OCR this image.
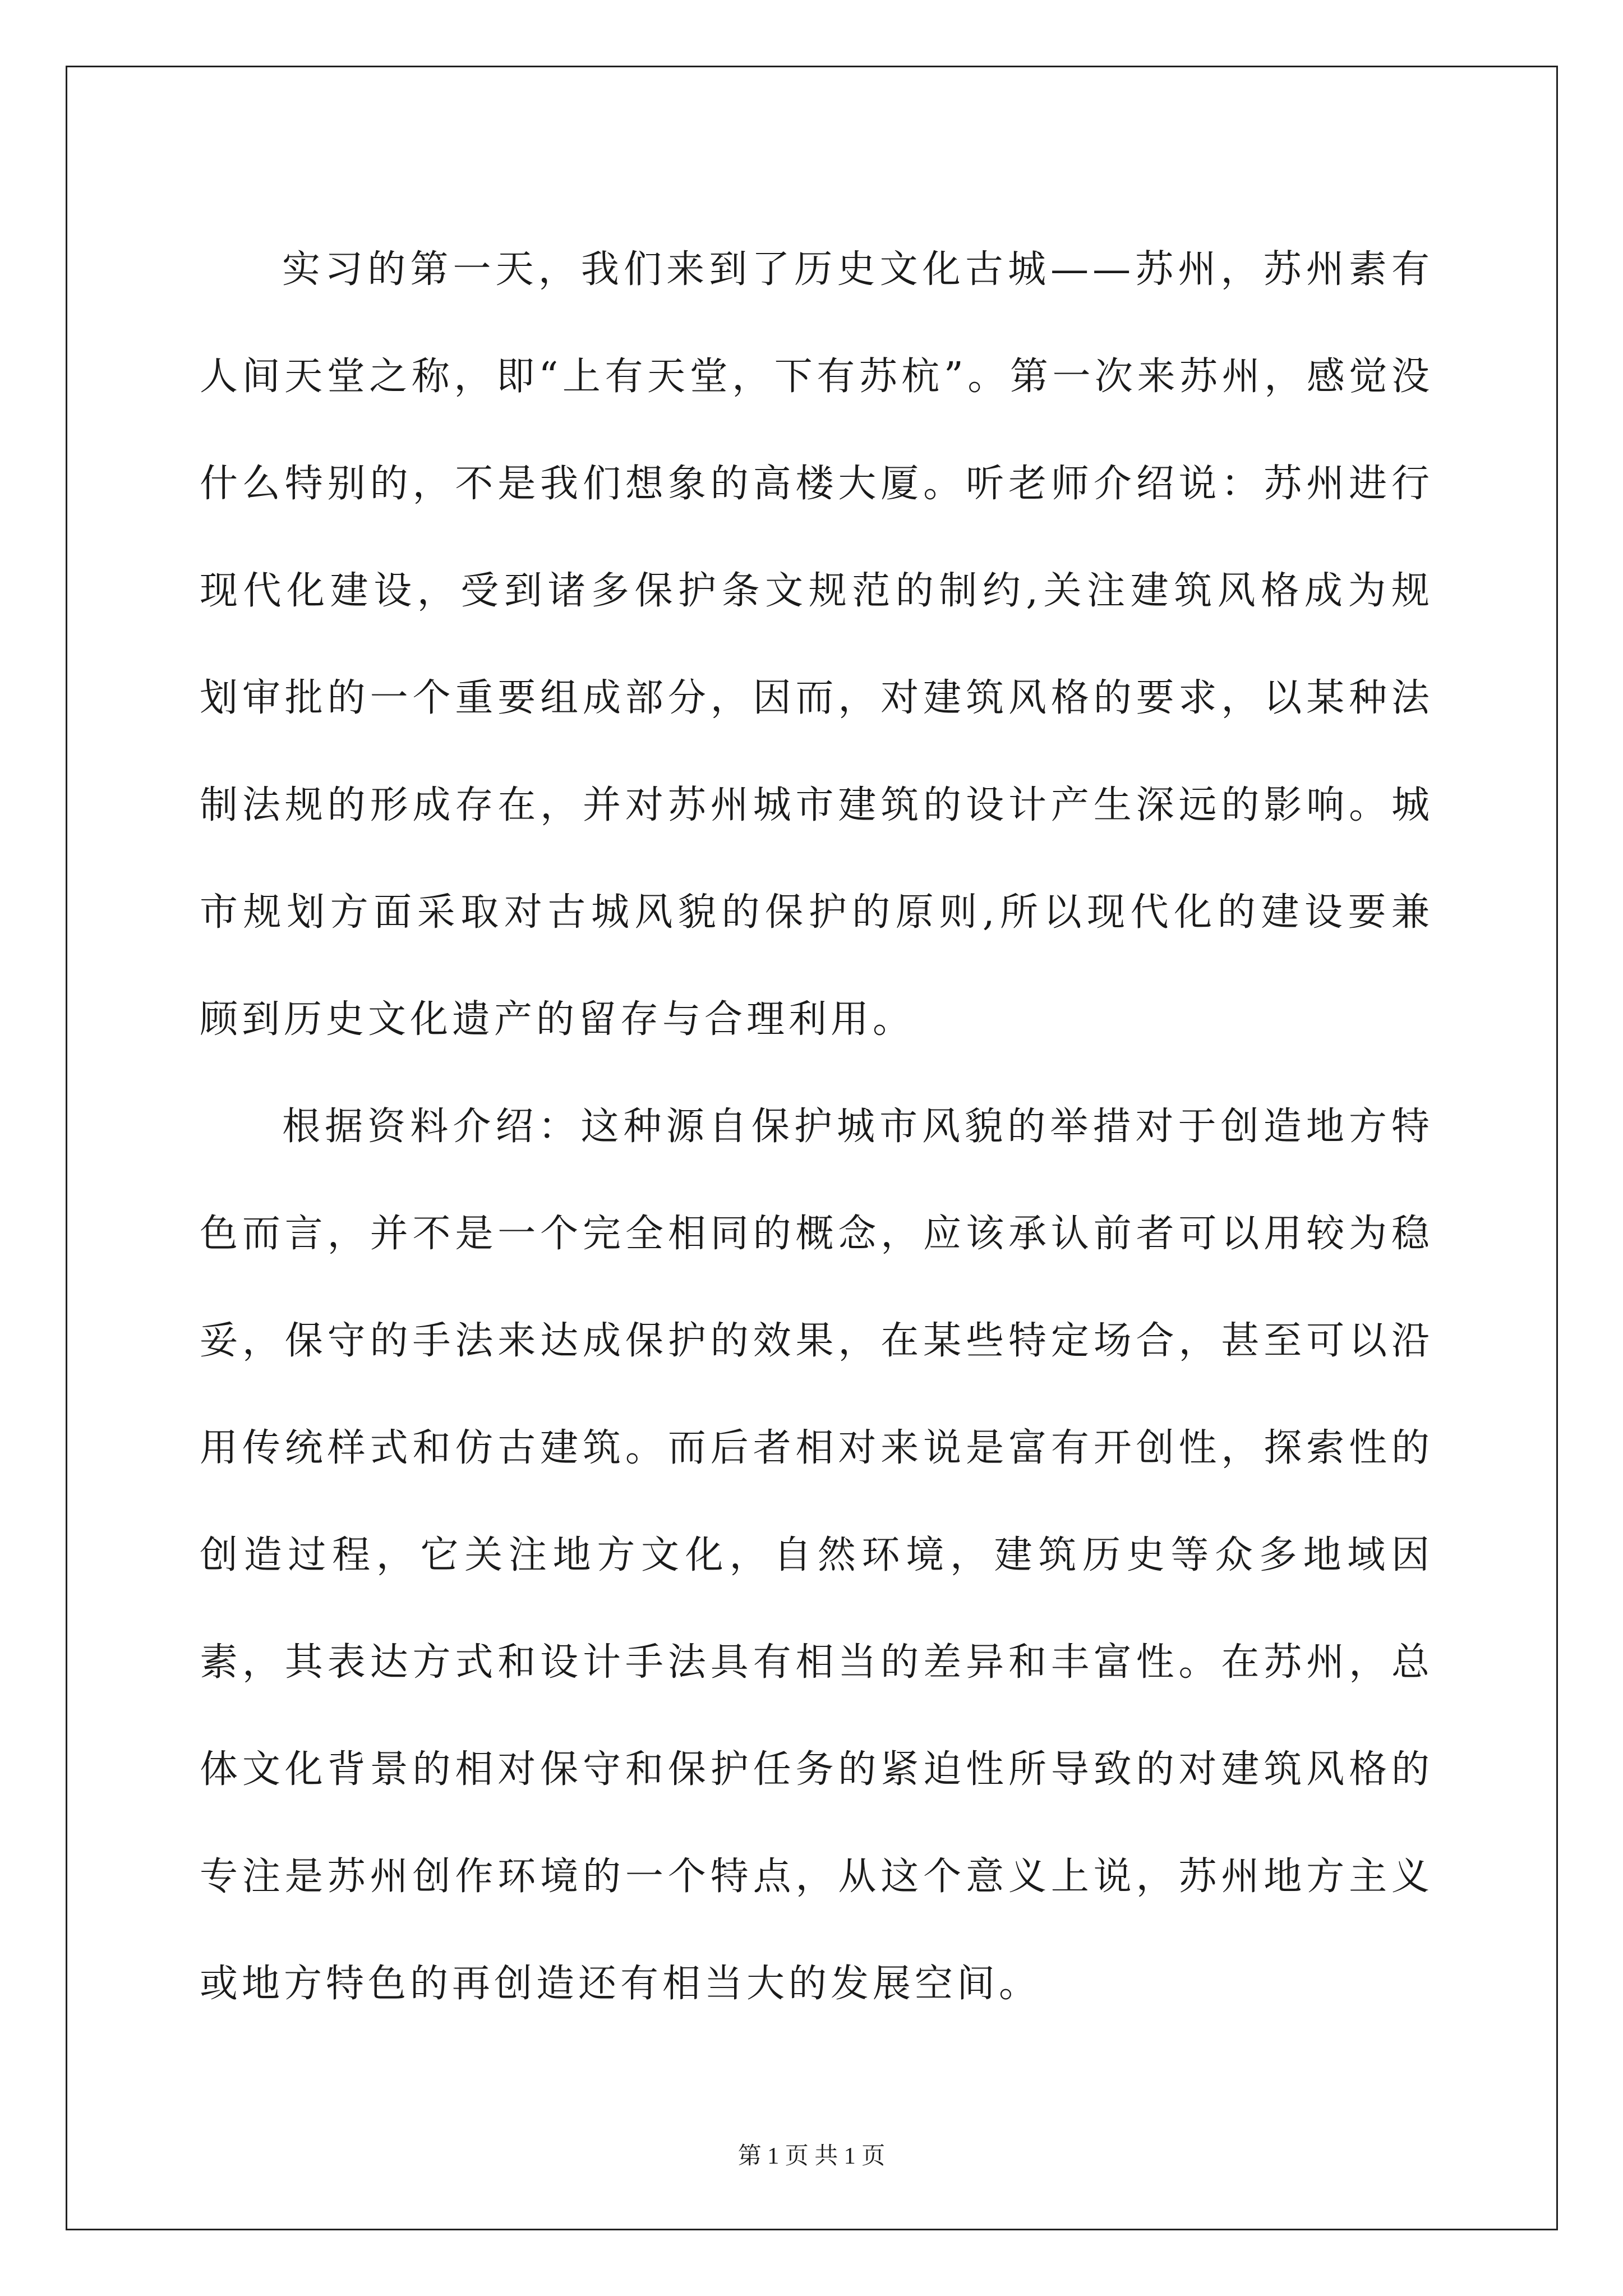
实习的第一天，我们来到了历史文化古城——苏州，苏州素有人间天堂之称，即“上有天堂，下有苏杭”。第一次来苏州，感觉没什么特别的，不是我们想象的高楼大厦。听老师介绍说：苏州进行现代化建设，受到诸多保护条文规范的制约,关注建筑风格成为规划审批的一个重要组成部分，因而，对建筑风格的要求，以某种法制法规的形成存在，并对苏州城市建筑的设计产生深远的影响。城市规划方面采取对古城风貌的保护的原则,所以现代化的建设要兼顾到历史文化遗产的留存与合理利用。

根据资料介绍：这种源自保护城市风貌的举措对于创造地方特色而言，并不是一个完全相同的概念，应该承认前者可以用较为稳妥，保守的手法来达成保护的效果，在某些特定场合，甚至可以沿用传统样式和仿古建筑。而后者相对来说是富有开创性，探索性的创造过程，它关注地方文化，自然环境，建筑历史等众多地域因素，其表达方式和设计手法具有相当的差异和丰富性。在苏州，总体文化背景的相对保守和保护任务的紧迫性所导致的对建筑风格的专注是苏州创作环境的一个特点，从这个意义上说，苏州地方主义或地方特色的再创造还有相当大的发展空间。

第 1 页 共 1 页
